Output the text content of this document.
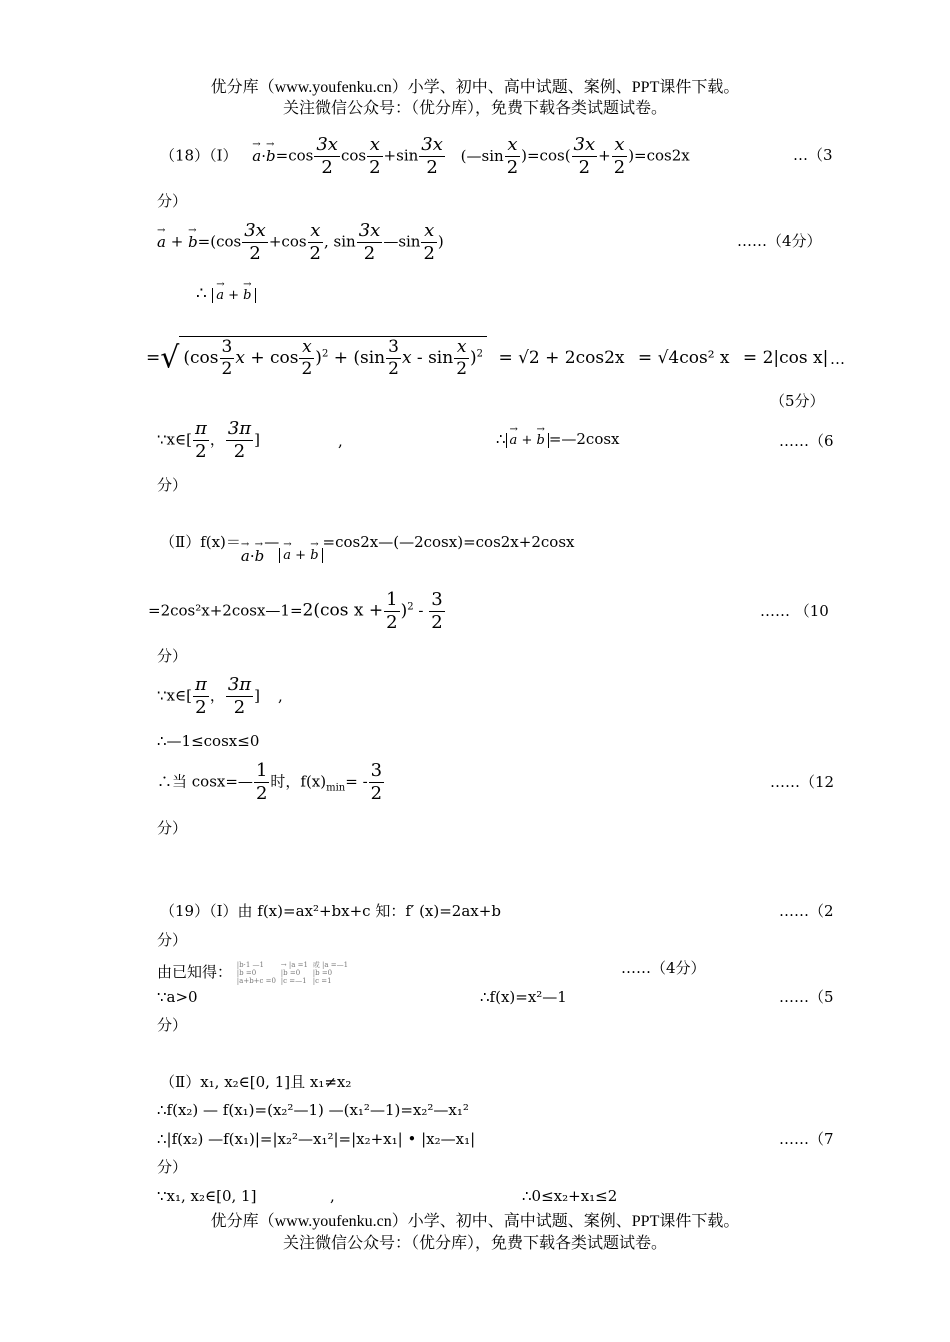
优分库（www.youfenku.cn）小学、初中、高中试题、案例、PPT课件下载。
关注微信公众号：（优分库），免费下载各类试题试卷。
（18）（Ⅰ） → $a\cdot\to b=\cos \frac{3x}{2}$ $\cos \frac{x}{2} +\sin \frac{3x}{2}$ (—sin $\frac{x}{2} )=\cos( \frac{3x}{2} + \frac{x}{2} )=\cos 2x$	…（3
分）
→ a + → $b=(\cos \frac{3x}{2} +\cos \frac{x}{2}$ , $\sin \frac{3x}{2}$ —sin $\frac{x}{2}$ )	……（4分）
∴ → a + → b
=√ ($\cos \frac{3}{2}$ $x + \cos \frac{x}{2} )^2 + (\sin \frac{3}{2}$ $x - \sin \frac{x}{2} )^2 = √2 + 2\cos 2x = √4\cos^2$ x = 2|cos x| …
（5分）
∵x∈[ $\frac{\pi}{2}$ ， $\frac{3\pi}{2}$ ]	,	∴ → a + → b =—2cosx	……（6
分）
（Ⅱ）f(x)＝→ a·→ b—→ a + → b=cos2x—(—2cosx)=cos2x+2cosx
=2cos²x+2cosx—1=2(cos $x + \frac{1}{2} )^2 - \frac{3}{2}$	…… （10
分）
∵x∈[ $\frac{\pi}{2}$ ， $\frac{3\pi}{2}$ ] ,
∴—1≤cosx≤0
∴当 cosx=— $\frac{1}{2}$ 时，$f(x)_{min}= - \frac{3}{2}$	……（12
分）
（19）（Ⅰ）由 f(x)=ax²+bx+c 知：f′ (x)=2ax+b	……（2
分）
由已知得： |b·1 —1
|b =0
|a+b+c =0 → |a =1
|b =0
|c =—1 或 |a =—1
|b =0
|c =1
……（4分）
∵a>0	∴f(x)=x²—1	……（5
分）
（Ⅱ）x₁, x₂∈[0, 1]且 x₁≠x₂
∴f(x₂) — f(x₁)=(x₂²—1) —(x₁²—1)=x₂²—x₁²
∴|f(x₂) —f(x₁)|=|x₂²—x₁²|=|x₂+x₁| • |x₂—x₁|	……（7
分）
∵x₁, x₂∈[0, 1]	,	∴0≤x₂+x₁≤2
优分库（www.youfenku.cn）小学、初中、高中试题、案例、PPT课件下载。
关注微信公众号：（优分库），免费下载各类试题试卷。
